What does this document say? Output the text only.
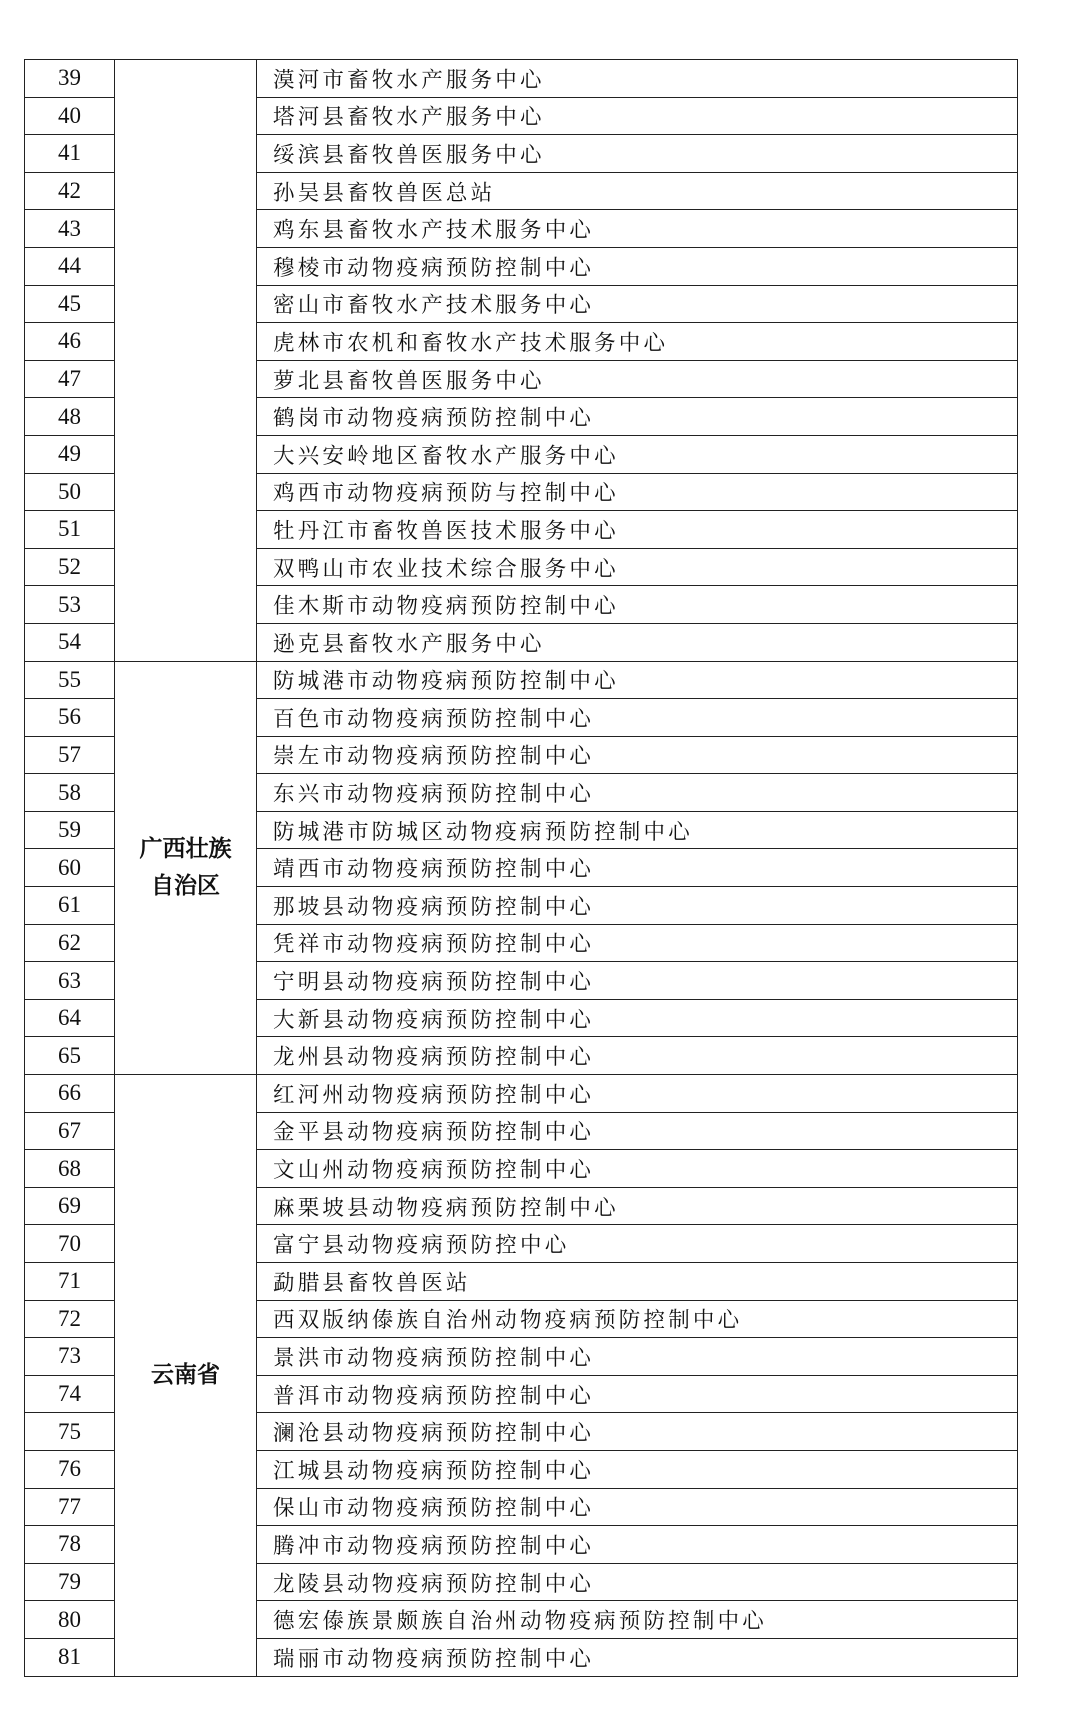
39		漠河市畜牧水产服务中心
40		塔河县畜牧水产服务中心
41		绥滨县畜牧兽医服务中心
42		孙吴县畜牧兽医总站
43		鸡东县畜牧水产技术服务中心
44		穆棱市动物疫病预防控制中心
45		密山市畜牧水产技术服务中心
46		虎林市农机和畜牧水产技术服务中心
47		萝北县畜牧兽医服务中心
48		鹤岗市动物疫病预防控制中心
49		大兴安岭地区畜牧水产服务中心
50		鸡西市动物疫病预防与控制中心
51		牡丹江市畜牧兽医技术服务中心
52		双鸭山市农业技术综合服务中心
53		佳木斯市动物疫病预防控制中心
54		逊克县畜牧水产服务中心
55	广西壮族自治区	防城港市动物疫病预防控制中心
56		百色市动物疫病预防控制中心
57		崇左市动物疫病预防控制中心
58		东兴市动物疫病预防控制中心
59		防城港市防城区动物疫病预防控制中心
60		靖西市动物疫病预防控制中心
61		那坡县动物疫病预防控制中心
62		凭祥市动物疫病预防控制中心
63		宁明县动物疫病预防控制中心
64		大新县动物疫病预防控制中心
65		龙州县动物疫病预防控制中心
66	云南省	红河州动物疫病预防控制中心
67		金平县动物疫病预防控制中心
68		文山州动物疫病预防控制中心
69		麻栗坡县动物疫病预防控制中心
70		富宁县动物疫病预防控中心
71		勐腊县畜牧兽医站
72		西双版纳傣族自治州动物疫病预防控制中心
73		景洪市动物疫病预防控制中心
74		普洱市动物疫病预防控制中心
75		澜沧县动物疫病预防控制中心
76		江城县动物疫病预防控制中心
77		保山市动物疫病预防控制中心
78		腾冲市动物疫病预防控制中心
79		龙陵县动物疫病预防控制中心
80		德宏傣族景颇族自治州动物疫病预防控制中心
81		瑞丽市动物疫病预防控制中心
